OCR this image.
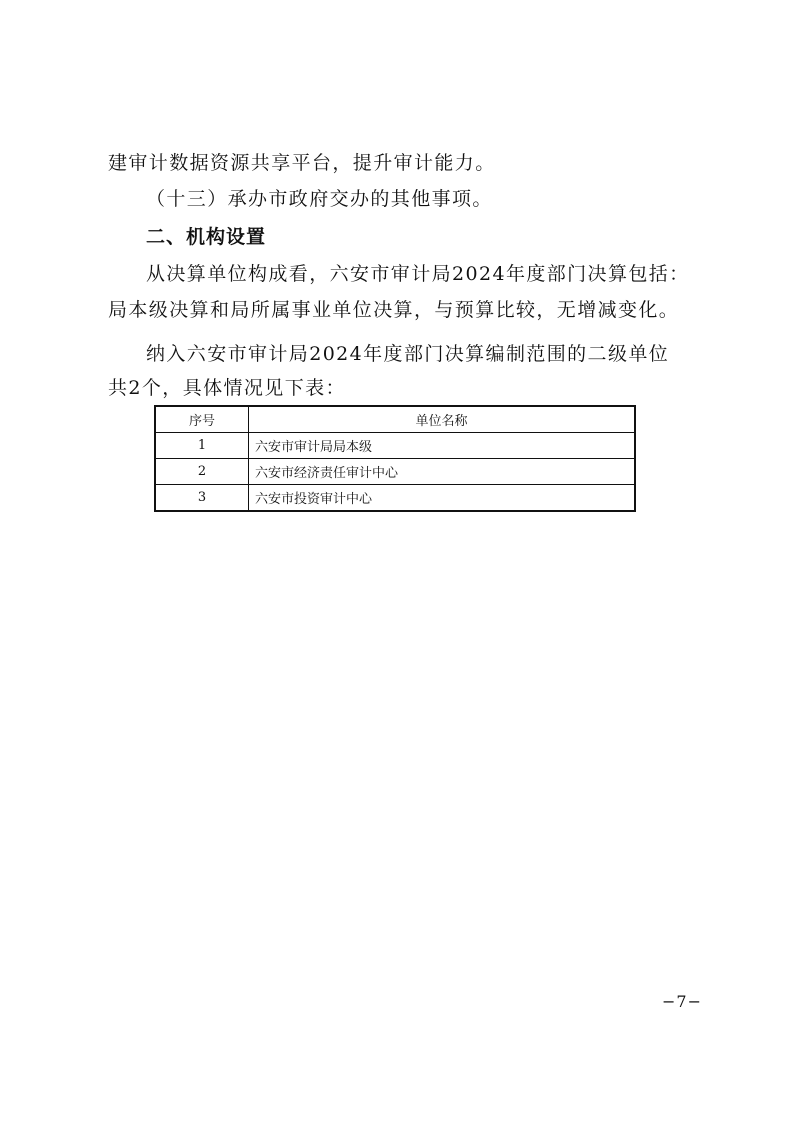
建审计数据资源共享平台，提升审计能力。
（十三）承办市政府交办的其他事项。
二、机构设置
从决算单位构成看，六安市审计局2024年度部门决算包括：
局本级决算和局所属事业单位决算，与预算比较，无增减变化。
纳入六安市审计局2024年度部门决算编制范围的二级单位
共2个，具体情况见下表：
序号	单位名称
1	六安市审计局局本级
2	六安市经济责任审计中心
3	六安市投资审计中心
−7−
